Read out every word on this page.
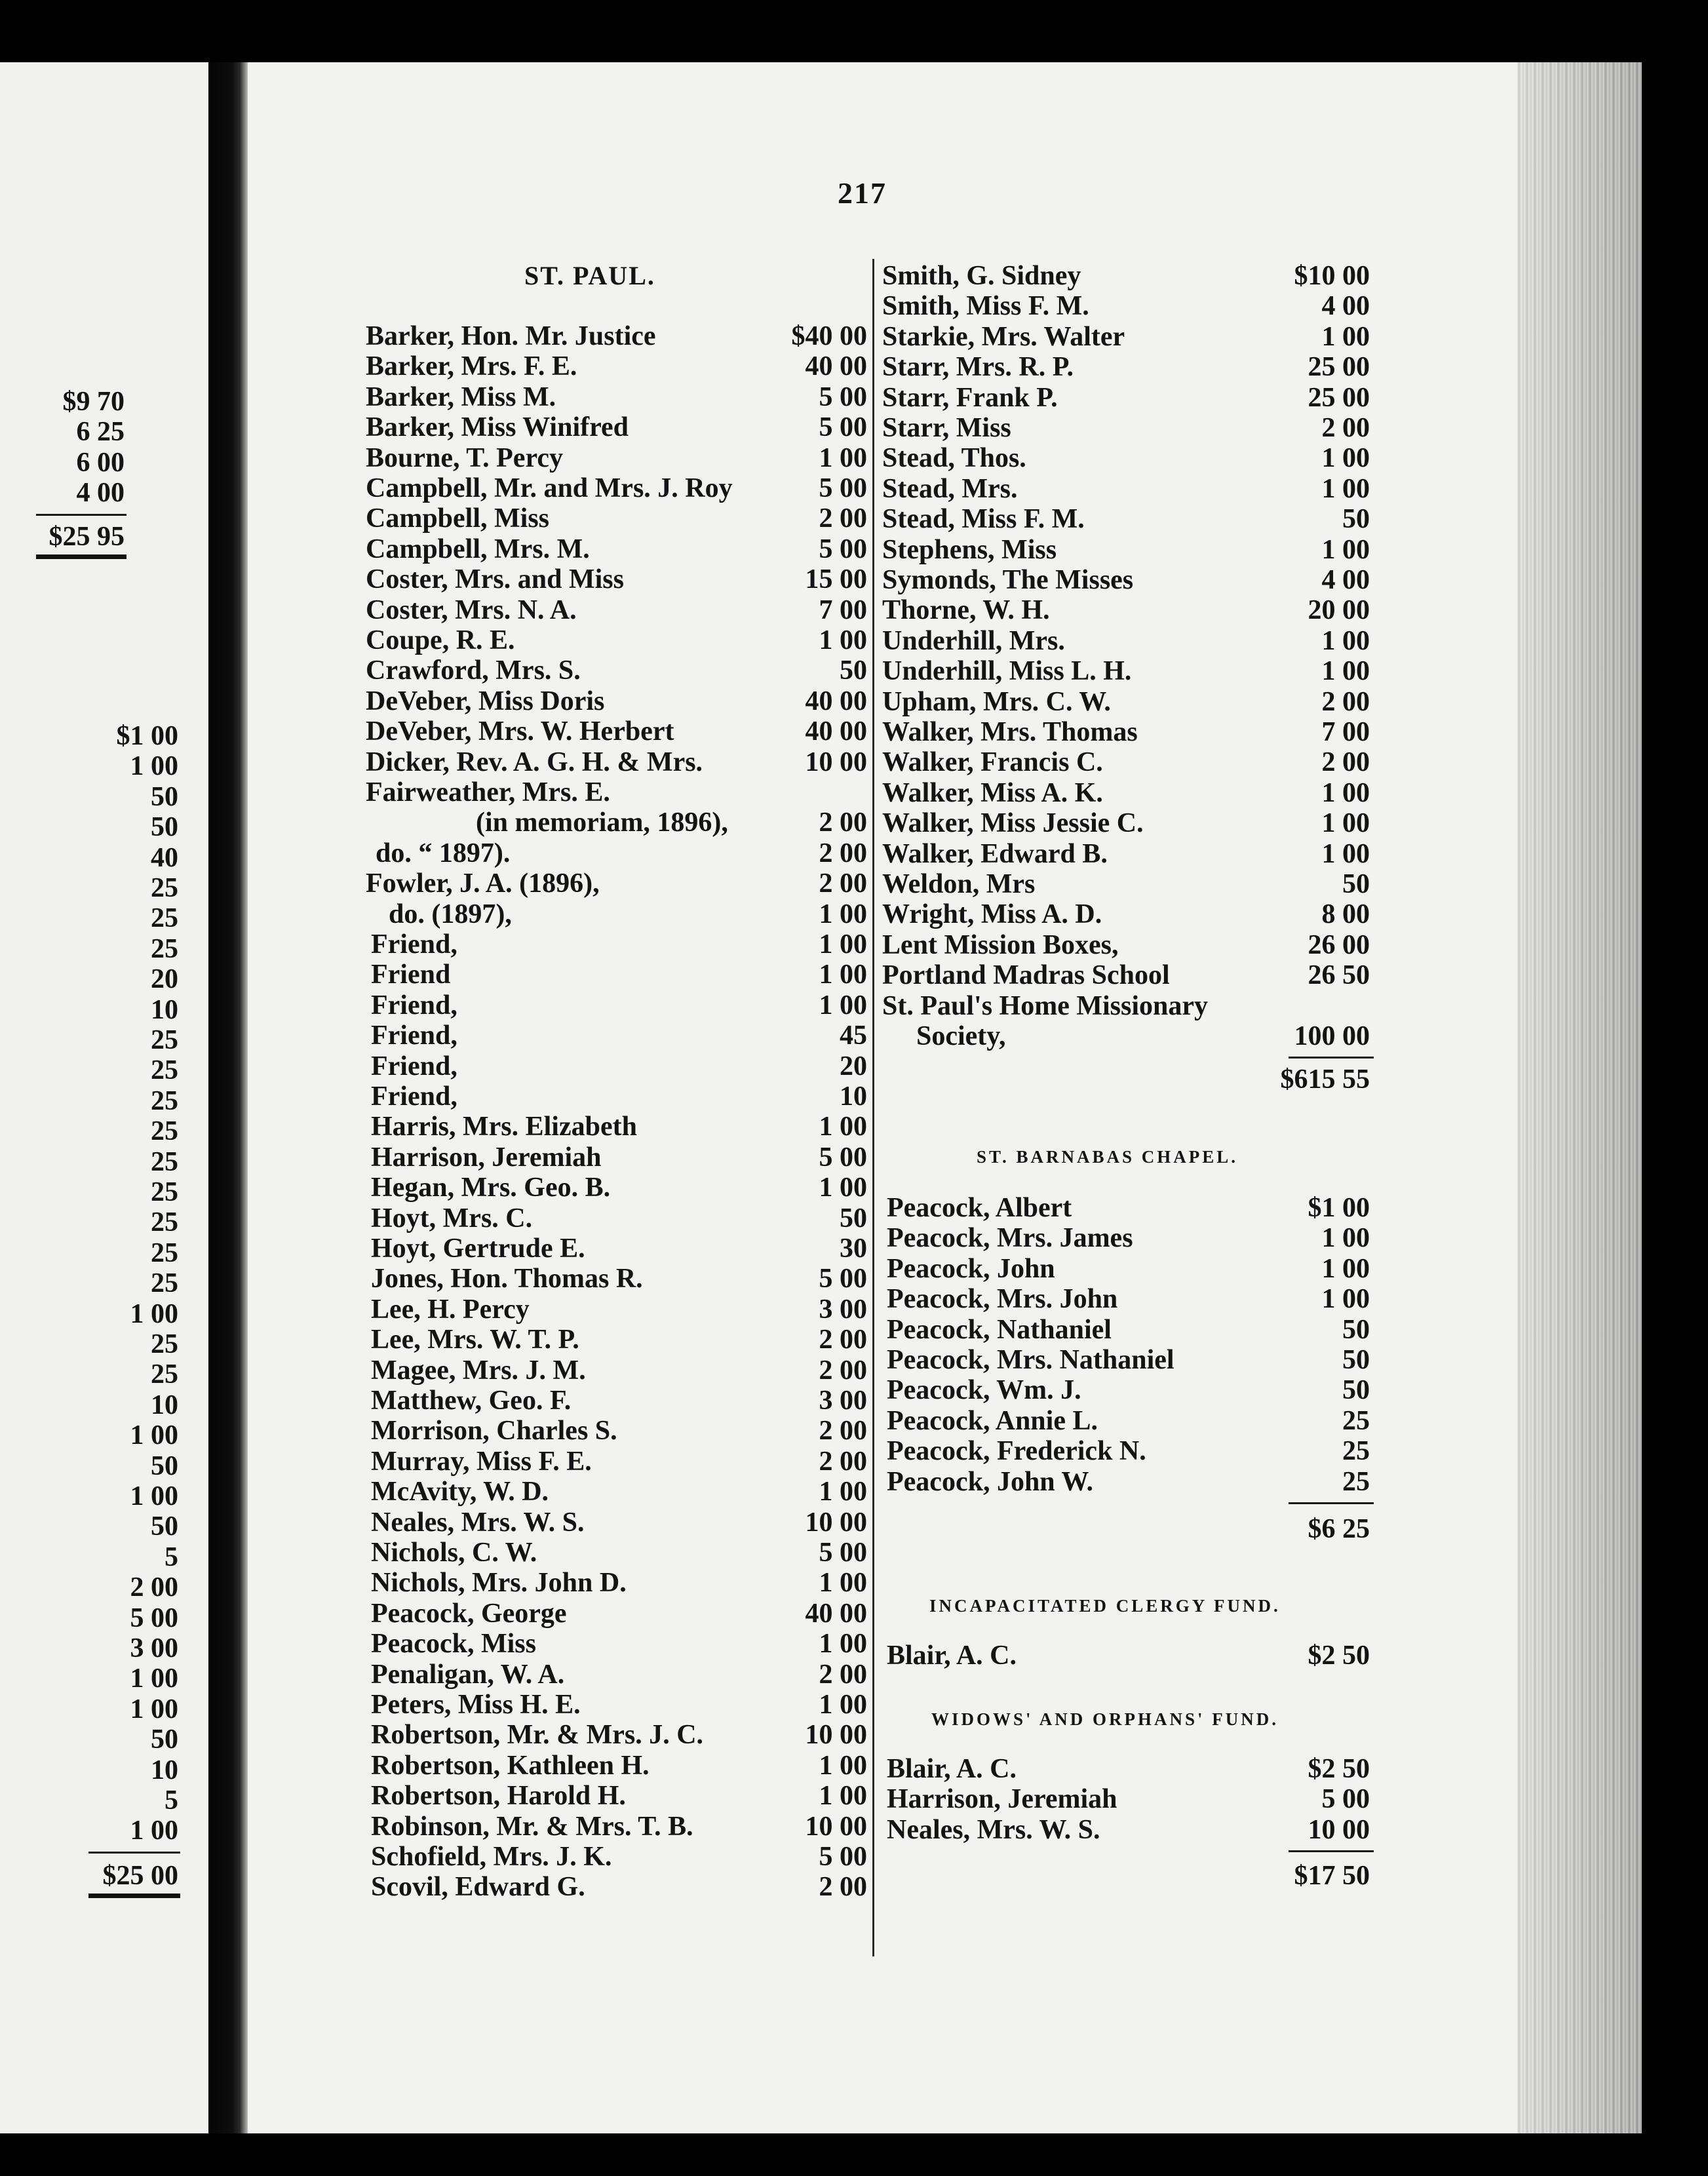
$9 70
6 25
6 00
4 00
$25 95
$1 00
1 00
50
50
40
25
25
25
20
10
25
25
25
25
25
25
25
25
25
1 00
25
25
10
1 00
50
1 00
50
5
2 00
5 00
3 00
1 00
1 00
50
10
5
1 00
$25 00
217
ST. PAUL.
Barker, Hon. Mr. Justice	$40 00
Barker, Mrs. F. E.	40 00
Barker, Miss M.	5 00
Barker, Miss Winifred	5 00
Bourne, T. Percy	1 00
Campbell, Mr. and Mrs. J. Roy	5 00
Campbell, Miss	2 00
Campbell, Mrs. M.	5 00
Coster, Mrs. and Miss	15 00
Coster, Mrs. N. A.	7 00
Coupe, R. E.	1 00
Crawford, Mrs. S.	50
DeVeber, Miss Doris	40 00
DeVeber, Mrs. W. Herbert	40 00
Dicker, Rev. A. G. H. & Mrs.	10 00
Fairweather, Mrs. E.
(in memoriam, 1896),	2 00
do. “ 1897).	2 00
Fowler, J. A. (1896),	2 00
do. (1897),	1 00
Friend,	1 00
Friend	1 00
Friend,	1 00
Friend,	45
Friend,	20
Friend,	10
Harris, Mrs. Elizabeth	1 00
Harrison, Jeremiah	5 00
Hegan, Mrs. Geo. B.	1 00
Hoyt, Mrs. C.	50
Hoyt, Gertrude E.	30
Jones, Hon. Thomas R.	5 00
Lee, H. Percy	3 00
Lee, Mrs. W. T. P.	2 00
Magee, Mrs. J. M.	2 00
Matthew, Geo. F.	3 00
Morrison, Charles S.	2 00
Murray, Miss F. E.	2 00
McAvity, W. D.	1 00
Neales, Mrs. W. S.	10 00
Nichols, C. W.	5 00
Nichols, Mrs. John D.	1 00
Peacock, George	40 00
Peacock, Miss	1 00
Penaligan, W. A.	2 00
Peters, Miss H. E.	1 00
Robertson, Mr. & Mrs. J. C.	10 00
Robertson, Kathleen H.	1 00
Robertson, Harold H.	1 00
Robinson, Mr. & Mrs. T. B.	10 00
Schofield, Mrs. J. K.	5 00
Scovil, Edward G.	2 00
Smith, G. Sidney	$10 00
Smith, Miss F. M.	4 00
Starkie, Mrs. Walter	1 00
Starr, Mrs. R. P.	25 00
Starr, Frank P.	25 00
Starr, Miss	2 00
Stead, Thos.	1 00
Stead, Mrs.	1 00
Stead, Miss F. M.	50
Stephens, Miss	1 00
Symonds, The Misses	4 00
Thorne, W. H.	20 00
Underhill, Mrs.	1 00
Underhill, Miss L. H.	1 00
Upham, Mrs. C. W.	2 00
Walker, Mrs. Thomas	7 00
Walker, Francis C.	2 00
Walker, Miss A. K.	1 00
Walker, Miss Jessie C.	1 00
Walker, Edward B.	1 00
Weldon, Mrs	50
Wright, Miss A. D.	8 00
Lent Mission Boxes,	26 00
Portland Madras School	26 50
St. Paul's Home Missionary
Society,	100 00
$615 55
ST. BARNABAS CHAPEL.
Peacock, Albert	$1 00
Peacock, Mrs. James	1 00
Peacock, John	1 00
Peacock, Mrs. John	1 00
Peacock, Nathaniel	50
Peacock, Mrs. Nathaniel	50
Peacock, Wm. J.	50
Peacock, Annie L.	25
Peacock, Frederick N.	25
Peacock, John W.	25
$6 25
INCAPACITATED CLERGY FUND.
Blair, A. C.	$2 50
WIDOWS' AND ORPHANS' FUND.
Blair, A. C.	$2 50
Harrison, Jeremiah	5 00
Neales, Mrs. W. S.	10 00
$17 50
